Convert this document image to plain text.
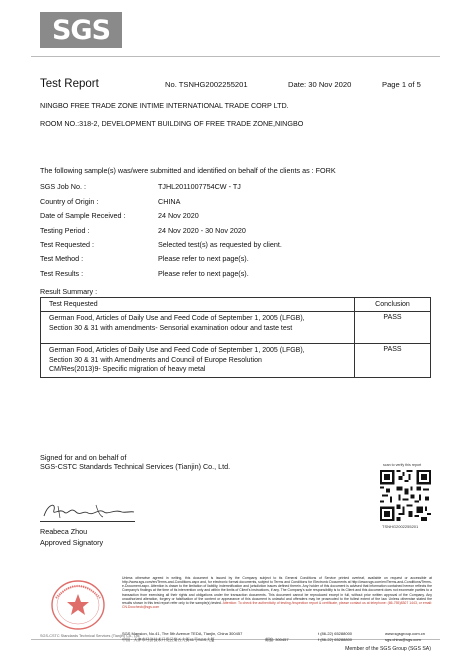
SGS
Test Report	No. TSNHG2002255201	Date: 30 Nov 2020	Page 1 of 5
NINGBO FREE TRADE ZONE INTIME INTERNATIONAL TRADE CORP LTD.
ROOM NO.:318-2, DEVELOPMENT BUILDING OF FREE TRADE ZONE,NINGBO
The following sample(s) was/were submitted and identified on behalf of the clients as : FORK
SGS Job No. :	TJHL2011007754CW - TJ
Country of Origin :	CHINA
Date of Sample Received :	24 Nov 2020
Testing Period :	24 Nov 2020 - 30 Nov 2020
Test Requested :	Selected test(s) as requested by client.
Test Method :	Please refer to next page(s).
Test Results :	Please refer to next page(s).
Result Summary :
Test Requested	Conclusion

German Food, Articles of Daily Use and Feed Code of September 1, 2005 (LFGB),
Section 30 & 31 with amendments- Sensorial examination odour and taste test	PASS

German Food, Articles of Daily Use and Feed Code of September 1, 2005 (LFGB),
Section 30 & 31 with Amendments and Council of Europe Resolution
CM/Res(2013)9- Specific migration of heavy metal	PASS
Signed for and on behalf of
SGS-CSTC Standards Technical Services (Tianjin) Co., Ltd.
Reabeca Zhou
Approved Signatory
scan to verify this report
TSNHG2002255201
Unless otherwise agreed in writing, this document is issued by the Company subject to its General Conditions of Service printed overleaf, available on request or accessible at http://www.sgs.com/en/Terms-and-Conditions.aspx and, for electronic format documents, subject to Terms and Conditions for Electronic Documents at http://www.sgs.com/en/Terms-and-Conditions/Terms-e-Document.aspx. Attention is drawn to the limitation of liability, indemnification and jurisdiction issues defined therein. Any holder of this document is advised that information contained hereon reflects the Company's findings at the time of its intervention only and within the limits of Client's instructions, if any. The Company's sole responsibility is to its Client and this document does not exonerate parties to a transaction from exercising all their rights and obligations under the transaction documents. This document cannot be reproduced except in full, without prior written approval of the Company. Any unauthorized alteration, forgery or falsification of the content or appearance of this document is unlawful and offenders may be prosecuted to the fullest extent of the law. Unless otherwise stated the results shown in this test report refer only to the sample(s) tested. Attention: To check the authenticity of testing /inspection report & certificate, please contact us at telephone: (86-755)8307 1443, or email: CN.Doccheck@sgs.com
SGS-CSTC Standards Technical Services (Tianjin) Co., Ltd.
SGS Mansion, No.41, The 5th Avenue TEDA, Tianjin, China 300457
中国 · 天津市经济技术开发区第五大街41号SGS大厦	邮编: 300457
t (86-22) 65288000
f (86-22) 65288800
www.sgsgroup.com.cn
sgs.china@sgs.com
Member of the SGS Group (SGS SA)
